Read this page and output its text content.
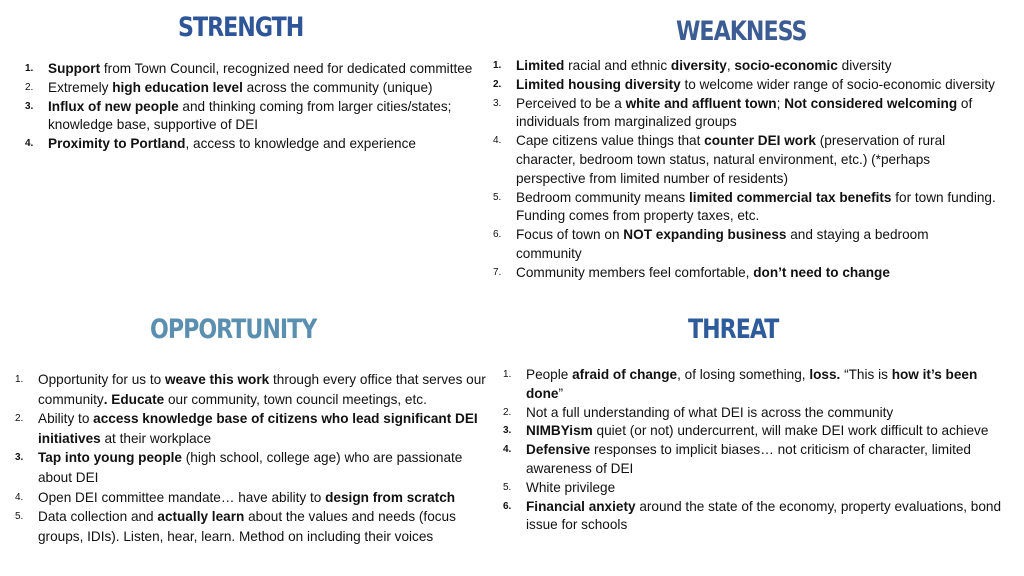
STRENGTH
1. Support from Town Council, recognized need for dedicated committee
2. Extremely high education level across the community (unique)
3. Influx of new people and thinking coming from larger cities/states; knowledge base, supportive of DEI
4. Proximity to Portland, access to knowledge and experience
WEAKNESS
1. Limited racial and ethnic diversity, socio-economic diversity
2. Limited housing diversity to welcome wider range of socio-economic diversity
3. Perceived to be a white and affluent town; Not considered welcoming of individuals from marginalized groups
4. Cape citizens value things that counter DEI work (preservation of rural character, bedroom town status, natural environment, etc.) (*perhaps perspective from limited number of residents)
5. Bedroom community means limited commercial tax benefits for town funding. Funding comes from property taxes, etc.
6. Focus of town on NOT expanding business and staying a bedroom community
7. Community members feel comfortable, don’t need to change
OPPORTUNITY
1. Opportunity for us to weave this work through every office that serves our community. Educate our community, town council meetings, etc.
2. Ability to access knowledge base of citizens who lead significant DEI initiatives at their workplace
3. Tap into young people (high school, college age) who are passionate about DEI
4. Open DEI committee mandate… have ability to design from scratch
5. Data collection and actually learn about the values and needs (focus groups, IDIs). Listen, hear, learn. Method on including their voices
THREAT
1. People afraid of change, of losing something, loss. “This is how it’s been done”
2. Not a full understanding of what DEI is across the community
3. NIMBYism quiet (or not) undercurrent, will make DEI work difficult to achieve
4. Defensive responses to implicit biases… not criticism of character, limited awareness of DEI
5. White privilege
6. Financial anxiety around the state of the economy, property evaluations, bond issue for schools
